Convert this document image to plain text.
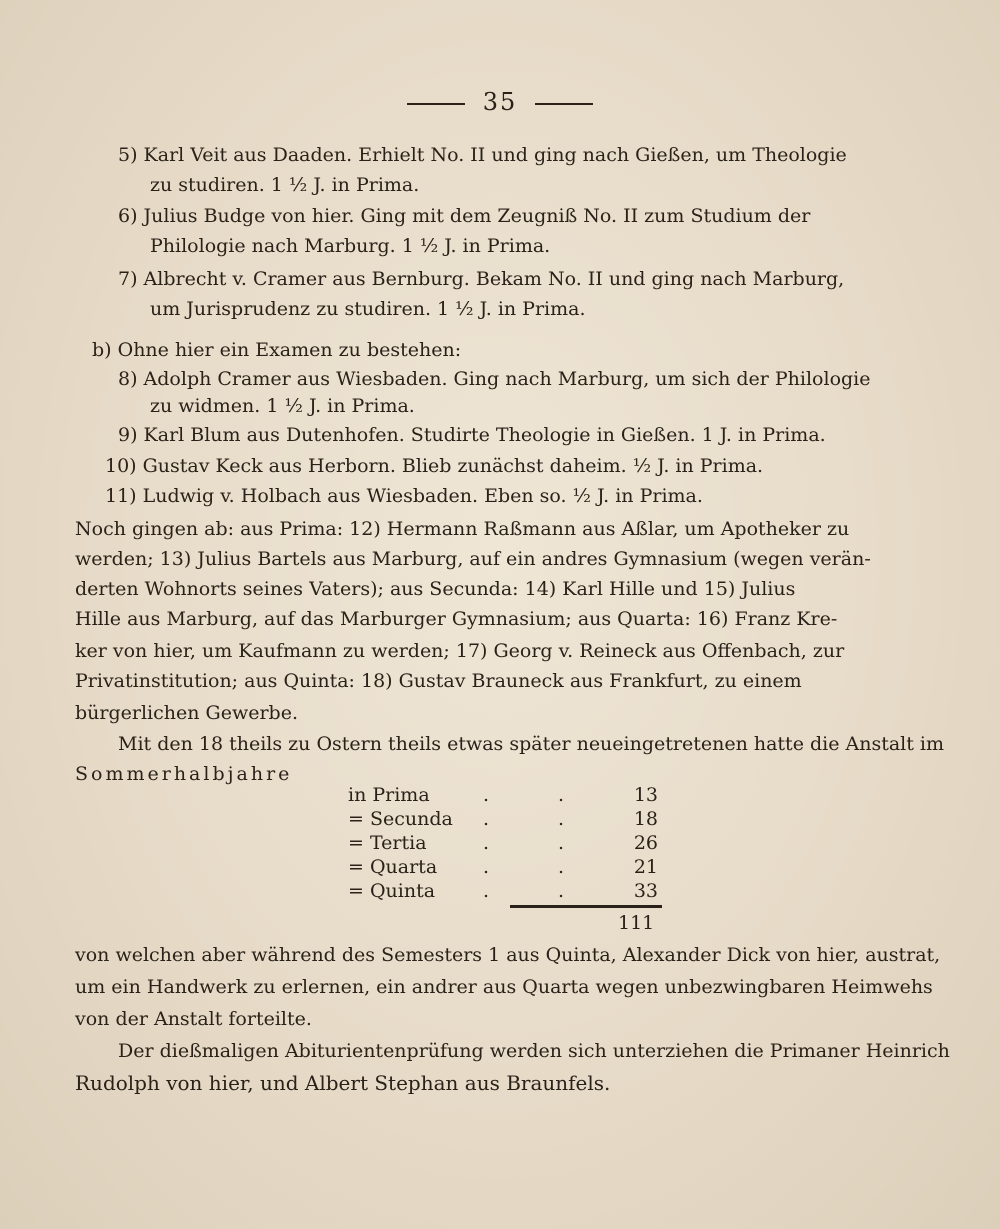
35
5) Karl Veit aus Daaden. Erhielt No. II und ging nach Gießen, um Theologie
zu studiren. 1 ½ J. in Prima.
6) Julius Budge von hier. Ging mit dem Zeugniß No. II zum Studium der
Philologie nach Marburg. 1 ½ J. in Prima.
7) Albrecht v. Cramer aus Bernburg. Bekam No. II und ging nach Marburg,
um Jurisprudenz zu studiren. 1 ½ J. in Prima.
b) Ohne hier ein Examen zu bestehen:
8) Adolph Cramer aus Wiesbaden. Ging nach Marburg, um sich der Philologie
zu widmen. 1 ½ J. in Prima.
9) Karl Blum aus Dutenhofen. Studirte Theologie in Gießen. 1 J. in Prima.
10) Gustav Keck aus Herborn. Blieb zunächst daheim. ½ J. in Prima.
11) Ludwig v. Holbach aus Wiesbaden. Eben so. ½ J. in Prima.
Noch gingen ab: aus Prima: 12) Hermann Raßmann aus Aßlar, um Apotheker zu
werden; 13) Julius Bartels aus Marburg, auf ein andres Gymnasium (wegen verän-
derten Wohnorts seines Vaters); aus Secunda: 14) Karl Hille und 15) Julius
Hille aus Marburg, auf das Marburger Gymnasium; aus Quarta: 16) Franz Kre-
ker von hier, um Kaufmann zu werden; 17) Georg v. Reineck aus Offenbach, zur
Privatinstitution; aus Quinta: 18) Gustav Brauneck aus Frankfurt, zu einem
bürgerlichen Gewerbe.
Mit den 18 theils zu Ostern theils etwas später neueingetretenen hatte die Anstalt im
Sommerhalbjahre
in Prima	.	.	13
= Secunda .	.	18
= Tertia	.	.	26
= Quarta .	.	21
= Quinta	.	.	33
111
von welchen aber während des Semesters 1 aus Quinta, Alexander Dick von hier, austrat,
um ein Handwerk zu erlernen, ein andrer aus Quarta wegen unbezwingbaren Heimwehs
von der Anstalt forteilte.
Der dießmaligen Abiturientenprüfung werden sich unterziehen die Primaner Heinrich
Rudolph von hier, und Albert Stephan aus Braunfels.
